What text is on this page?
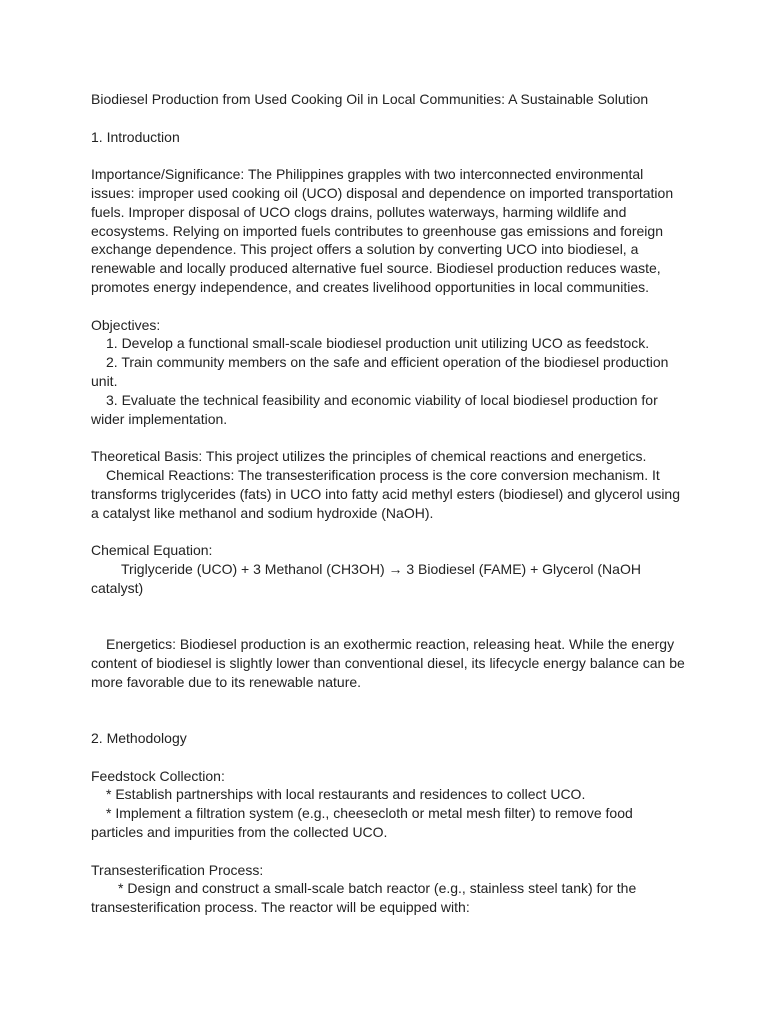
Biodiesel Production from Used Cooking Oil in Local Communities: A Sustainable Solution

1. Introduction

Importance/Significance: The Philippines grapples with two interconnected environmental

issues: improper used cooking oil (UCO) disposal and dependence on imported transportation

fuels. Improper disposal of UCO clogs drains, pollutes waterways, harming wildlife and

ecosystems. Relying on imported fuels contributes to greenhouse gas emissions and foreign

exchange dependence. This project offers a solution by converting UCO into biodiesel, a

renewable and locally produced alternative fuel source. Biodiesel production reduces waste,

promotes energy independence, and creates livelihood opportunities in local communities.

Objectives:

1. Develop a functional small-scale biodiesel production unit utilizing UCO as feedstock.

2. Train community members on the safe and efficient operation of the biodiesel production

unit.

3. Evaluate the technical feasibility and economic viability of local biodiesel production for

wider implementation.

Theoretical Basis: This project utilizes the principles of chemical reactions and energetics.

Chemical Reactions: The transesterification process is the core conversion mechanism. It

transforms triglycerides (fats) in UCO into fatty acid methyl esters (biodiesel) and glycerol using

a catalyst like methanol and sodium hydroxide (NaOH).

Chemical Equation:

Triglyceride (UCO) + 3 Methanol (CH3OH) → 3 Biodiesel (FAME) + Glycerol (NaOH

catalyst)

Energetics: Biodiesel production is an exothermic reaction, releasing heat. While the energy

content of biodiesel is slightly lower than conventional diesel, its lifecycle energy balance can be

more favorable due to its renewable nature.

2. Methodology

Feedstock Collection:

* Establish partnerships with local restaurants and residences to collect UCO.

* Implement a filtration system (e.g., cheesecloth or metal mesh filter) to remove food

particles and impurities from the collected UCO.

Transesterification Process:

* Design and construct a small-scale batch reactor (e.g., stainless steel tank) for the

transesterification process. The reactor will be equipped with:
